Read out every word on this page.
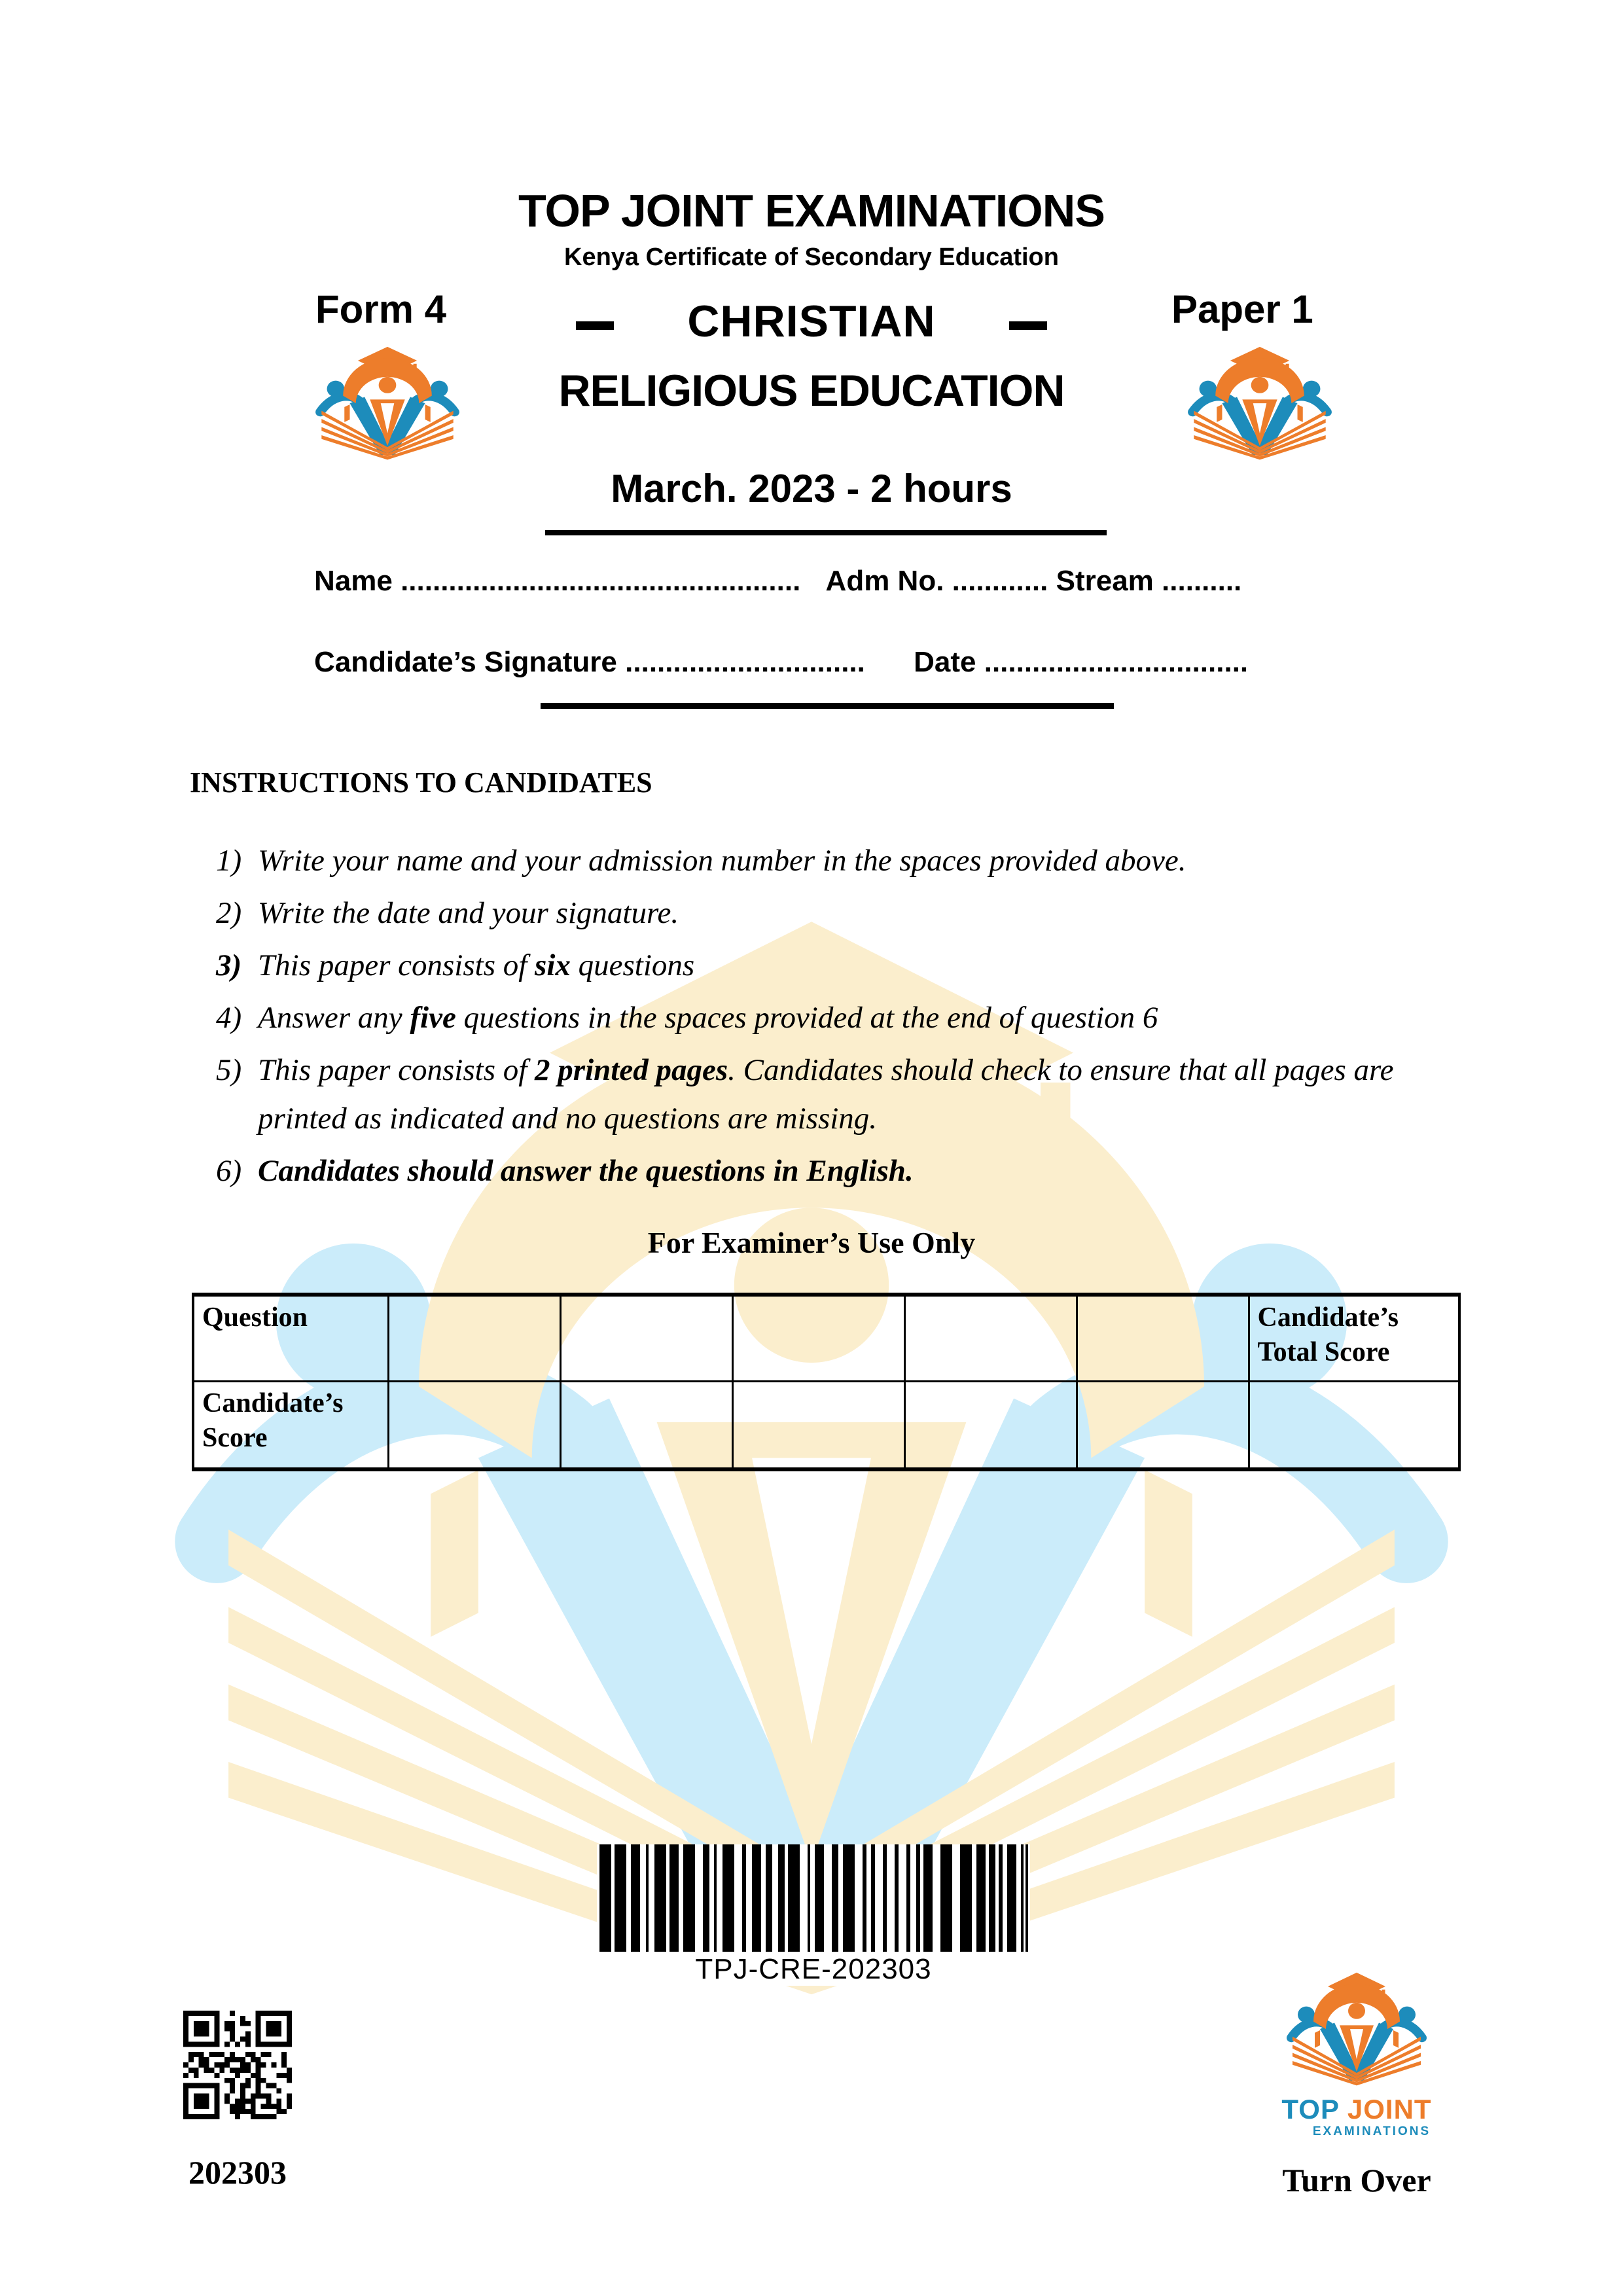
TOP JOINT EXAMINATIONS
Kenya Certificate of Secondary Education
Form 4	Paper 1
CHRISTIAN
RELIGIOUS EDUCATION
March. 2023 - 2 hours
Name .................................................. Adm No. ............ Stream ..........
Candidate’s Signature .............................. Date .................................
INSTRUCTIONS TO CANDIDATES
1) Write your name and your admission number in the spaces provided above.
2) Write the date and your signature.
3) This paper consists of six questions
4) Answer any five questions in the spaces provided at the end of question 6
5) This paper consists of 2 printed pages. Candidates should check to ensure that all pages are printed as indicated and no questions are missing.
6) Candidates should answer the questions in English.
For Examiner’s Use Only
Question						Candidate’s Total Score
Candidate’s Score						
TPJ-CRE-202303
202303
TOP JOINT
EXAMINATIONS
Turn Over
